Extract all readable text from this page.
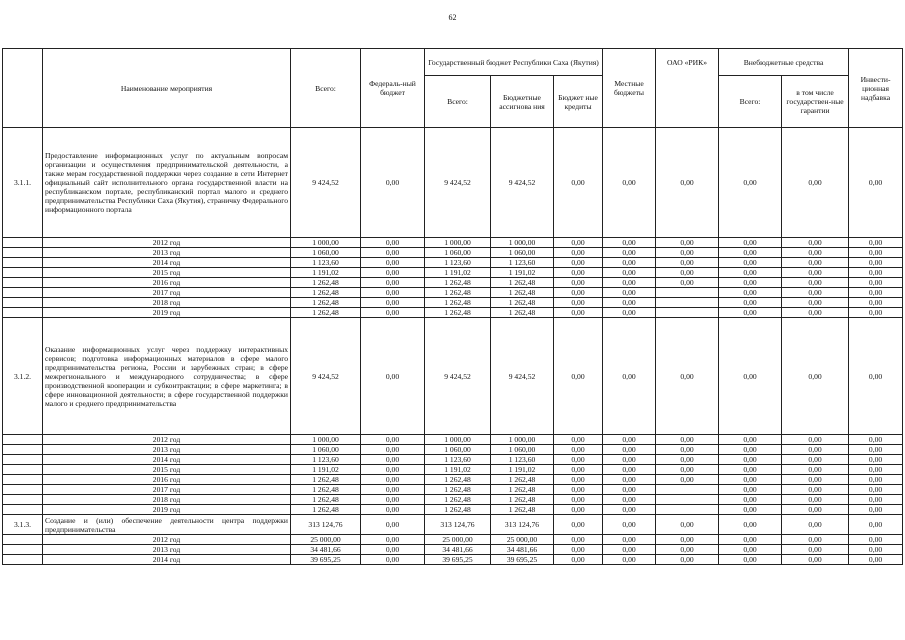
62
	Наименование мероприятия	Всего:	Федераль-ный бюджет	Государственный бюджет Республики Саха (Якутия)			Местные бюджеты	ОАО «РИК»	Внебюджетные средства		Инвести-ционная надбавка
				Всего:	Бюджетные ассигнова ния	Бюджет ные кредиты			Всего:	в том числе государствен-ные гарантии	
3.1.1.	Предоставление информационных услуг по актуальным вопросам организации и осуществления предпринимательской деятельности, а также мерам государственной поддержки через создание в сети Интернет официальный сайт исполнительного органа государственной власти на республиканском портале, республиканский портал малого и среднего предпринимательства Республики Саха (Якутия), страничку Федерального информационного портала	9 424,52	0,00	9 424,52	9 424,52	0,00	0,00	0,00	0,00	0,00	0,00
	2012 год	1 000,00	0,00	1 000,00	1 000,00	0,00	0,00	0,00	0,00	0,00	0,00
	2013 год	1 060,00	0,00	1 060,00	1 060,00	0,00	0,00	0,00	0,00	0,00	0,00
	2014 год	1 123,60	0,00	1 123,60	1 123,60	0,00	0,00	0,00	0,00	0,00	0,00
	2015 год	1 191,02	0,00	1 191,02	1 191,02	0,00	0,00	0,00	0,00	0,00	0,00
	2016 год	1 262,48	0,00	1 262,48	1 262,48	0,00	0,00	0,00	0,00	0,00	0,00
	2017 год	1 262,48	0,00	1 262,48	1 262,48	0,00	0,00		0,00	0,00	0,00
	2018 год	1 262,48	0,00	1 262,48	1 262,48	0,00	0,00		0,00	0,00	0,00
	2019 год	1 262,48	0,00	1 262,48	1 262,48	0,00	0,00		0,00	0,00	0,00
3.1.2.	Оказание информационных услуг через поддержку интерактивных сервисов; подготовка информационных материалов в сфере малого предпринимательства региона, России и зарубежных стран; в сфере межрегионального и международного сотрудничества; в сфере производственной кооперации и субконтрактации; в сфере маркетинга; в сфере инновационной деятельности; в сфере государственной поддержки малого и среднего предпринимательства	9 424,52	0,00	9 424,52	9 424,52	0,00	0,00	0,00	0,00	0,00	0,00
	2012 год	1 000,00	0,00	1 000,00	1 000,00	0,00	0,00	0,00	0,00	0,00	0,00
	2013 год	1 060,00	0,00	1 060,00	1 060,00	0,00	0,00	0,00	0,00	0,00	0,00
	2014 год	1 123,60	0,00	1 123,60	1 123,60	0,00	0,00	0,00	0,00	0,00	0,00
	2015 год	1 191,02	0,00	1 191,02	1 191,02	0,00	0,00	0,00	0,00	0,00	0,00
	2016 год	1 262,48	0,00	1 262,48	1 262,48	0,00	0,00	0,00	0,00	0,00	0,00
	2017 год	1 262,48	0,00	1 262,48	1 262,48	0,00	0,00		0,00	0,00	0,00
	2018 год	1 262,48	0,00	1 262,48	1 262,48	0,00	0,00		0,00	0,00	0,00
	2019 год	1 262,48	0,00	1 262,48	1 262,48	0,00	0,00		0,00	0,00	0,00
3.1.3.	Создание и (или) обеспечение деятельности центра поддержки предпринимательства	313 124,76	0,00	313 124,76	313 124,76	0,00	0,00	0,00	0,00	0,00	0,00
	2012 год	25 000,00	0,00	25 000,00	25 000,00	0,00	0,00	0,00	0,00	0,00	0,00
	2013 год	34 481,66	0,00	34 481,66	34 481,66	0,00	0,00	0,00	0,00	0,00	0,00
	2014 год	39 695,25	0,00	39 695,25	39 695,25	0,00	0,00	0,00	0,00	0,00	0,00
